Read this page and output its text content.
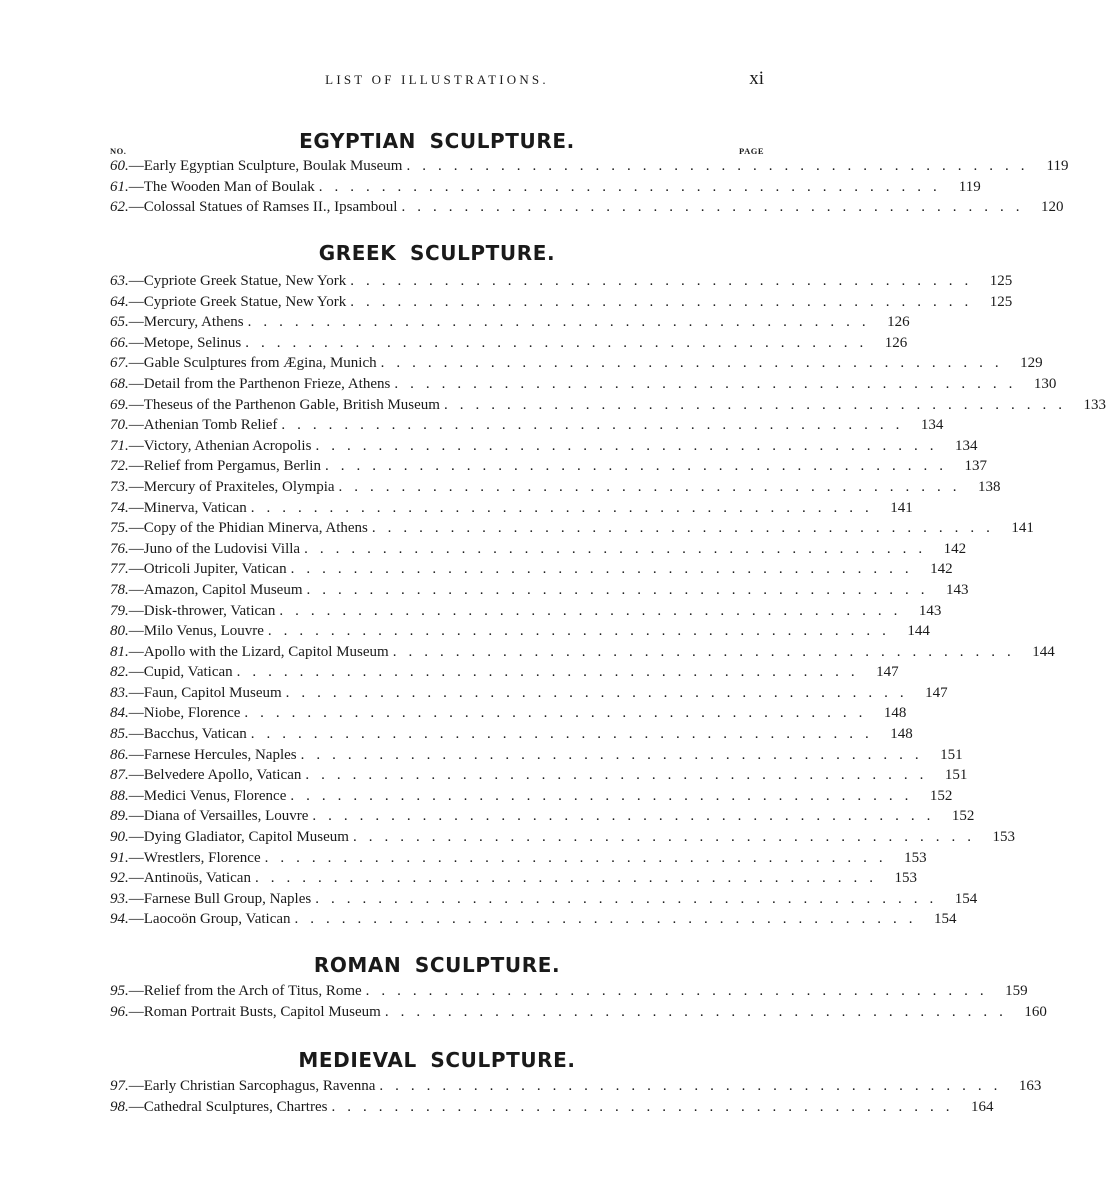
LIST OF ILLUSTRATIONS.	xi
EGYPTIAN SCULPTURE.
NO.	PAGE
60. —Early Egyptian Sculpture, Boulak Museum ........................................ 119
61. —The Wooden Man of Boulak ........................................ 119
62. —Colossal Statues of Ramses II., Ipsamboul ........................................ 120
GREEK SCULPTURE.
63. —Cypriote Greek Statue, New York ........................................ 125
64. —Cypriote Greek Statue, New York ........................................ 125
65. —Mercury, Athens ........................................ 126
66. —Metope, Selinus ........................................ 126
67. —Gable Sculptures from Ægina, Munich ........................................ 129
68. —Detail from the Parthenon Frieze, Athens ........................................ 130
69. —Theseus of the Parthenon Gable, British Museum ........................................ 133
70. —Athenian Tomb Relief ........................................ 134
71. —Victory, Athenian Acropolis ........................................ 134
72. —Relief from Pergamus, Berlin ........................................ 137
73. —Mercury of Praxiteles, Olympia ........................................ 138
74. —Minerva, Vatican ........................................ 141
75. —Copy of the Phidian Minerva, Athens ........................................ 141
76. —Juno of the Ludovisi Villa ........................................ 142
77. —Otricoli Jupiter, Vatican ........................................ 142
78. —Amazon, Capitol Museum ........................................ 143
79. —Disk-thrower, Vatican ........................................ 143
80. —Milo Venus, Louvre ........................................ 144
81. —Apollo with the Lizard, Capitol Museum ........................................ 144
82. —Cupid, Vatican ........................................ 147
83. —Faun, Capitol Museum ........................................ 147
84. —Niobe, Florence ........................................ 148
85. —Bacchus, Vatican ........................................ 148
86. —Farnese Hercules, Naples ........................................ 151
87. —Belvedere Apollo, Vatican ........................................ 151
88. —Medici Venus, Florence ........................................ 152
89. —Diana of Versailles, Louvre ........................................ 152
90. —Dying Gladiator, Capitol Museum ........................................ 153
91. —Wrestlers, Florence ........................................ 153
92. —Antinoüs, Vatican ........................................ 153
93. —Farnese Bull Group, Naples ........................................ 154
94. —Laocoön Group, Vatican ........................................ 154
ROMAN SCULPTURE.
95. —Relief from the Arch of Titus, Rome ........................................ 159
96. —Roman Portrait Busts, Capitol Museum ........................................ 160
MEDIEVAL SCULPTURE.
97. —Early Christian Sarcophagus, Ravenna ........................................ 163
98. —Cathedral Sculptures, Chartres ........................................ 164
